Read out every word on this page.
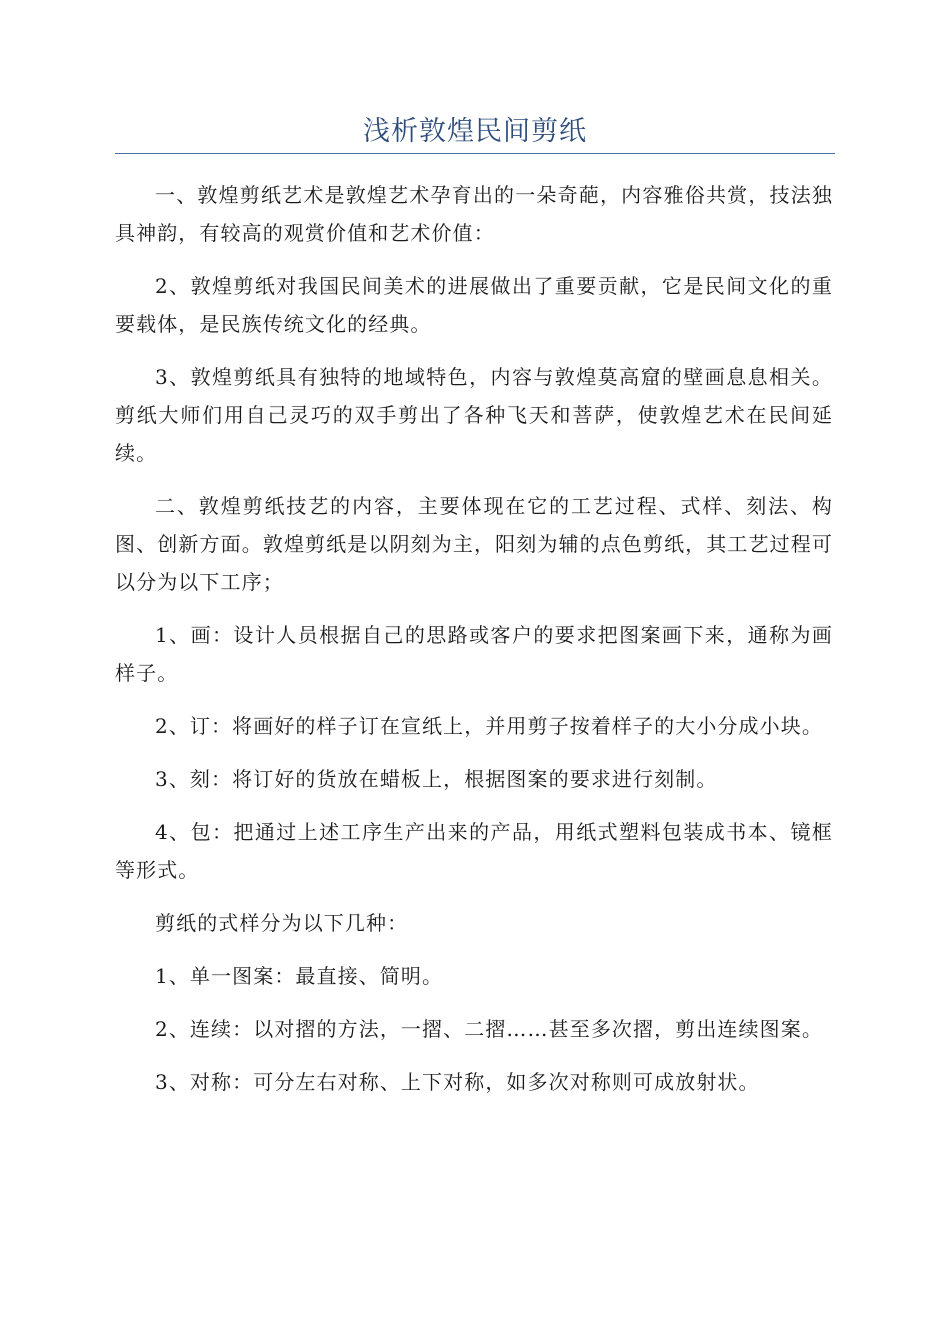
浅析敦煌民间剪纸

一、敦煌剪纸艺术是敦煌艺术孕育出的一朵奇葩，内容雅俗共赏，技法独具神韵，有较高的观赏价值和艺术价值：

2、敦煌剪纸对我国民间美术的进展做出了重要贡献，它是民间文化的重要载体，是民族传统文化的经典。

3、敦煌剪纸具有独特的地域特色，内容与敦煌莫高窟的壁画息息相关。剪纸大师们用自己灵巧的双手剪出了各种飞天和菩萨，使敦煌艺术在民间延续。

二、敦煌剪纸技艺的内容，主要体现在它的工艺过程、式样、刻法、构图、创新方面。敦煌剪纸是以阴刻为主，阳刻为辅的点色剪纸，其工艺过程可以分为以下工序；

1、画：设计人员根据自己的思路或客户的要求把图案画下来，通称为画样子。

2、订：将画好的样子订在宣纸上，并用剪子按着样子的大小分成小块。

3、刻：将订好的货放在蜡板上，根据图案的要求进行刻制。

4、包：把通过上述工序生产出来的产品，用纸式塑料包装成书本、镜框等形式。

剪纸的式样分为以下几种：

1、单一图案：最直接、简明。

2、连续：以对摺的方法，一摺、二摺……甚至多次摺，剪出连续图案。

3、对称：可分左右对称、上下对称，如多次对称则可成放射状。
